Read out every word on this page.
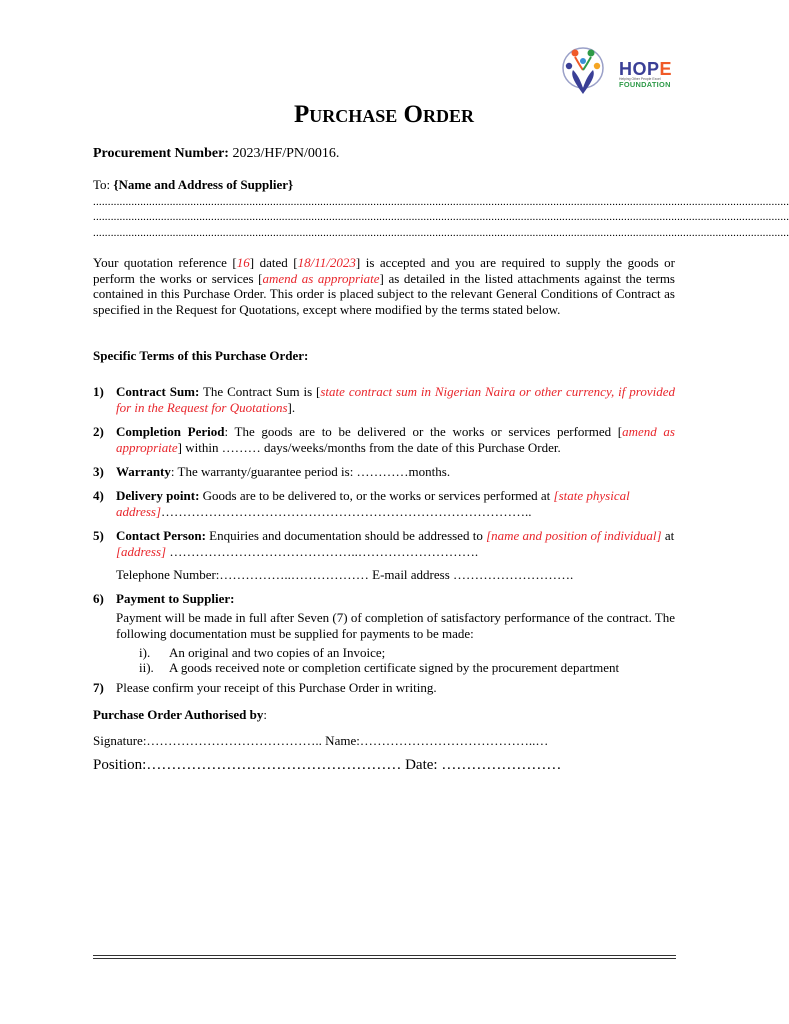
HOPE
Helping Other People Excel
FOUNDATION
Purchase Order
Procurement Number: 2023/HF/PN/0016.
To: {Name and Address of Supplier}
............................................................................................................................................................................................................................................
............................................................................................................................................................................................................................................
............................................................................................................................................................................................................................................
Your quotation reference [16] dated [18/11/2023] is accepted and you are required to supply the goods or perform the works or services [amend as appropriate] as detailed in the listed attachments against the terms contained in this Purchase Order. This order is placed subject to the relevant General Conditions of Contract as specified in the Request for Quotations, except where modified by the terms stated below.
Specific Terms of this Purchase Order:
1) Contract Sum: The Contract Sum is [state contract sum in Nigerian Naira or other currency, if provided for in the Request for Quotations].
2) Completion Period: The goods are to be delivered or the works or services performed [amend as appropriate] within ……… days/weeks/months from the date of this Purchase Order.
3) Warranty: The warranty/guarantee period is: …………months.
4) Delivery point: Goods are to be delivered to, or the works or services performed at [state physical address]…………………………………………………………………………..
5) Contact Person: Enquiries and documentation should be addressed to [name and position of individual] at [address] ……………………………………..……………………….
Telephone Number:……………..……………… E-mail address ……………………….
6) Payment to Supplier:
Payment will be made in full after Seven (7) of completion of satisfactory performance of the contract. The following documentation must be supplied for payments to be made:
i). An original and two copies of an Invoice;
ii). A goods received note or completion certificate signed by the procurement department
7) Please confirm your receipt of this Purchase Order in writing.
Purchase Order Authorised by:
Signature:………………………………….. Name:…………………………………..…
Position:…………………………………………… Date: ……………………
